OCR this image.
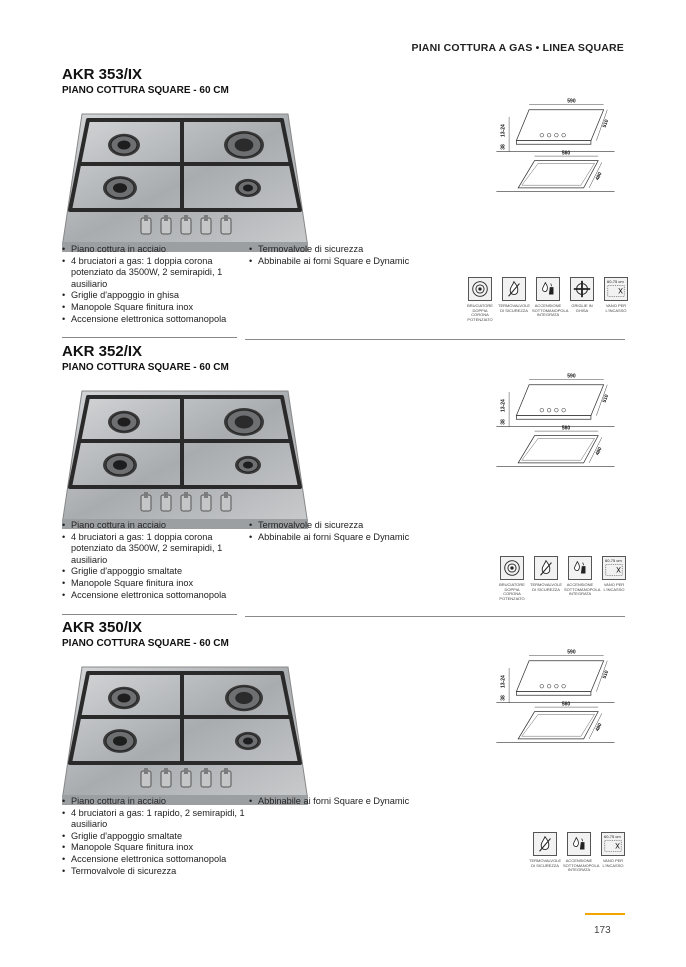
PIANI COTTURA A GAS • LINEA SQUARE
AKR 353/IX
PIANO COTTURA SQUARE - 60 CM
• Piano cottura in acciaio
• 4 bruciatori a gas: 1 doppia corona potenziato da 3500W, 2 semirapidi, 1 ausiliario
• Griglie d'appoggio in ghisa
• Manopole Square finitura inox
• Accensione elettronica sottomanopola
• Termovalvole di sicurezza
• Abbinabile ai forni Square e Dynamic
590
510
13-24
38
560
480
BRUCIATORE DOPPIA CORONA POTENZIATO
TERMOVALVOLE DI SICUREZZA
ACCENSIONE SOTTOMANOPOLA INTEGRATA
GRIGLIE IN GHISA
60-75 cm
VANO PER L'INCASSO
AKR 352/IX
PIANO COTTURA SQUARE - 60 CM
• Piano cottura in acciaio
• 4 bruciatori a gas: 1 doppia corona potenziato da 3500W, 2 semirapidi, 1 ausiliario
• Griglie d'appoggio smaltate
• Manopole Square finitura inox
• Accensione elettronica sottomanopola
• Termovalvole di sicurezza
• Abbinabile ai forni Square e Dynamic
590
510
13-24
38
560
480
BRUCIATORE DOPPIA CORONA POTENZIATO
TERMOVALVOLE DI SICUREZZA
ACCENSIONE SOTTOMANOPOLA INTEGRATA
60-75 cm
VANO PER L'INCASSO
AKR 350/IX
PIANO COTTURA SQUARE - 60 CM
• Piano cottura in acciaio
• 4 bruciatori a gas: 1 rapido, 2 semirapidi, 1 ausiliario
• Griglie d'appoggio smaltate
• Manopole Square finitura inox
• Accensione elettronica sottomanopola
• Termovalvole di sicurezza
• Abbinabile ai forni Square e Dynamic
590
510
13-24
38
560
480
TERMOVALVOLE DI SICUREZZA
ACCENSIONE SOTTOMANOPOLA INTEGRATA
60-75 cm
VANO PER L'INCASSO
173
